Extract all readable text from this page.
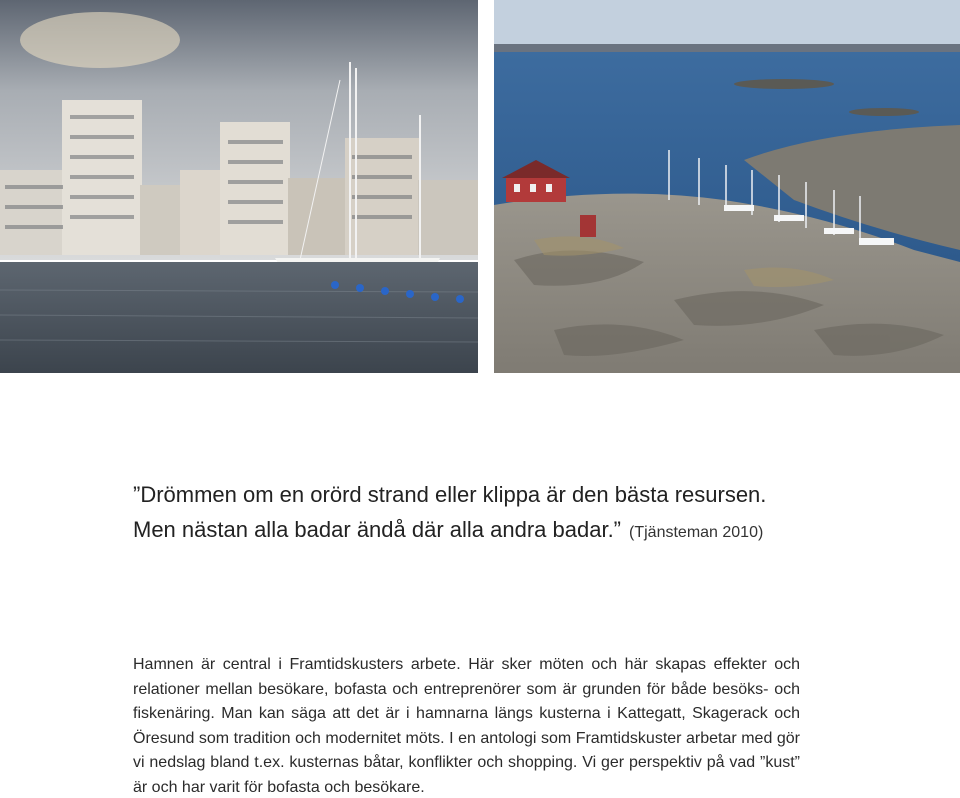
”Drömmen om en orörd strand eller klippa är den bästa resursen.
Men nästan alla badar ändå där alla andra badar.” (Tjänsteman 2010)
Hamnen är central i Framtidskusters arbete. Här sker möten och här skapas effekter och relationer mellan besökare, bofasta och entreprenörer som är grunden för både besöks- och fiskenäring. Man kan säga att det är i hamnarna längs kusterna i Kattegatt, Skagerack och Öresund som tradition och modernitet möts. I en antologi som Framtidskuster arbetar med gör vi nedslag bland t.ex. kusternas båtar, konflikter och shopping. Vi ger perspektiv på vad ”kust” är och har varit för bofasta och besökare.
